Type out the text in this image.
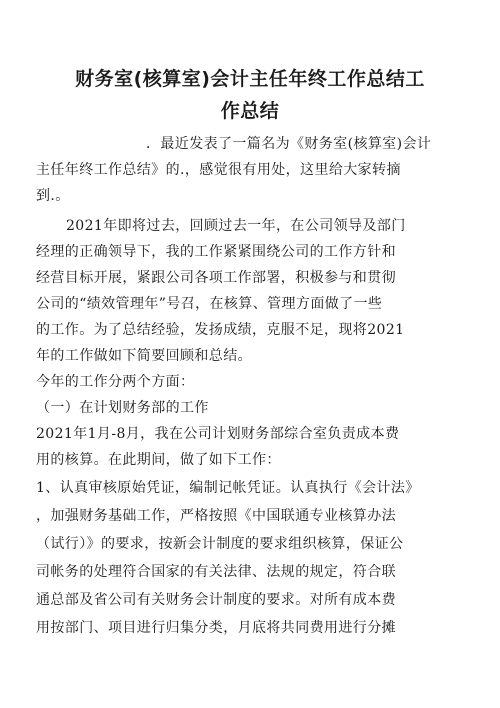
财务室(核算室)会计主任年终工作总结工
作总结
．最近发表了一篇名为《财务室(核算室)会计
主任年终工作总结》的.，感觉很有用处，这里给大家转摘
到.。
2021年即将过去，回顾过去一年，在公司领导及部门
经理的正确领导下，我的工作紧紧围绕公司的工作方针和
经营目标开展，紧跟公司各项工作部署，积极参与和贯彻
公司的“绩效管理年”号召，在核算、管理方面做了一些
的工作。为了总结经验，发扬成绩，克服不足，现将2021
年的工作做如下简要回顾和总结。
今年的工作分两个方面：
（一）在计划财务部的工作
2021年1月-8月，我在公司计划财务部综合室负责成本费
用的核算。在此期间，做了如下工作：
1、认真审核原始凭证，编制记帐凭证。认真执行《会计法》
，加强财务基础工作，严格按照《中国联通专业核算办法
（试行）》的要求，按新会计制度的要求组织核算，保证公
司帐务的处理符合国家的有关法律、法规的规定，符合联
通总部及省公司有关财务会计制度的要求。对所有成本费
用按部门、项目进行归集分类，月底将共同费用进行分摊
